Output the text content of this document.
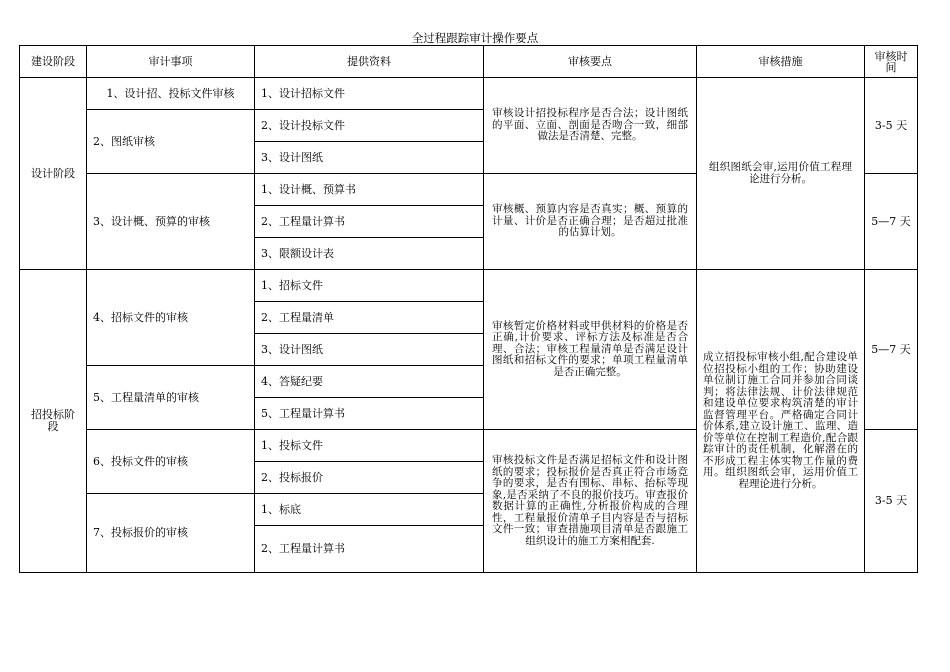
全过程跟踪审计操作要点
建设阶段	审计事项	提供资料	审核要点	审核措施	审核时间
设计阶段	1、设计招、投标文件审核	1、设计招标文件	审核设计招投标程序是否合法；设计图纸的平面、立面、剖面是否吻合一致，细部做法是否清楚、完整。	组织图纸会审,运用价值工程理论进行分析。	3-5 天
	2、图纸审核	2、设计投标文件			
		3、设计图纸			
	3、设计概、预算的审核	1、设计概、预算书	审核概、预算内容是否真实；概、预算的计量、计价是否正确合理；是否超过批准的估算计划。		5—7 天
		2、工程量计算书			
		3、限额设计表			
招投标阶段	4、招标文件的审核	1、招标文件	审核暂定价格材料或甲供材料的价格是否正确,计价要求、评标方法及标准是否合理、合法；审核工程量清单是否满足设计图纸和招标文件的要求；单项工程量清单是否正确完整。	成立招投标审核小组,配合建设单位招投标小组的工作；协助建设单位制订施工合同并参加合同谈判；将法律法规、计价法律规范和建设单位要求构筑清楚的审计监督管理平台。严格确定合同计价体系,建立设计施工、监理、造价等单位在控制工程造价,配合跟踪审计的责任机制，化解潜在的不形成工程主体实物工作量的费用。组织图纸会审，运用价值工程理论进行分析。	5—7 天
		2、工程量清单			
		3、设计图纸			
	5、工程量清单的审核	4、答疑纪要			
		5、工程量计算书			
	6、投标文件的审核	1、投标文件	审核投标文件是否满足招标文件和设计图纸的要求；投标报价是否真正符合市场竞争的要求，是否有围标、串标、抬标等现象,是否采纳了不良的报价技巧。审查报价数据计算的正确性,分析报价构成的合理性，工程量报价清单子目内容是否与招标文件一致；审查措施项目清单是否跟施工组织设计的施工方案相配套.		3-5 天
		2、投标报价			
	7、投标报价的审核	1、标底			
		2、工程量计算书			
